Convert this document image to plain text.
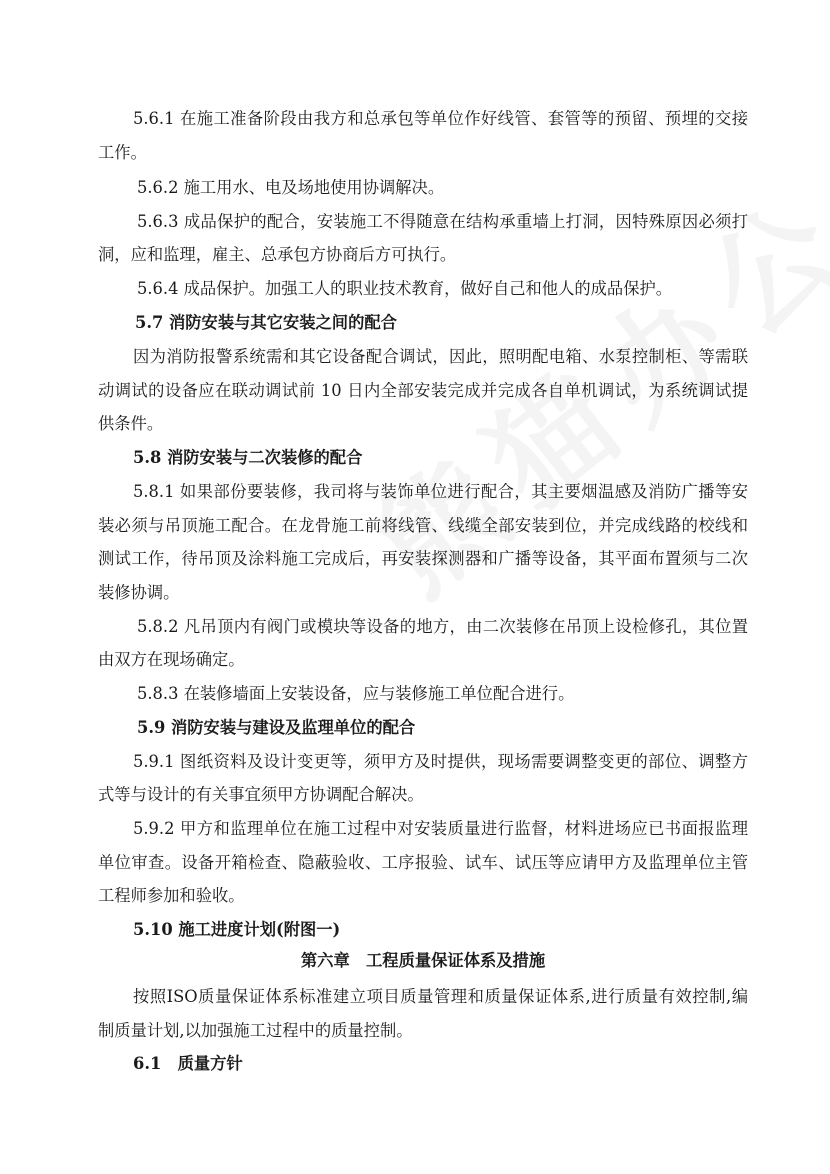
5.6.1 在施工准备阶段由我方和总承包等单位作好线管、套管等的预留、预埋的交接
工作。
5.6.2 施工用水、电及场地使用协调解决。
5.6.3 成品保护的配合，安装施工不得随意在结构承重墙上打洞，因特殊原因必须打
洞，应和监理，雇主、总承包方协商后方可执行。
5.6.4 成品保护。加强工人的职业技术教育，做好自己和他人的成品保护。
5.7 消防安装与其它安装之间的配合
因为消防报警系统需和其它设备配合调试，因此，照明配电箱、水泵控制柜、等需联
动调试的设备应在联动调试前 10 日内全部安装完成并完成各自单机调试，为系统调试提
供条件。
5.8 消防安装与二次装修的配合
5.8.1 如果部份要装修，我司将与装饰单位进行配合，其主要烟温感及消防广播等安
装必须与吊顶施工配合。在龙骨施工前将线管、线缆全部安装到位，并完成线路的校线和
测试工作，待吊顶及涂料施工完成后，再安装探测器和广播等设备，其平面布置须与二次
装修协调。
5.8.2 凡吊顶内有阀门或模块等设备的地方，由二次装修在吊顶上设检修孔，其位置
由双方在现场确定。
5.8.3 在装修墙面上安装设备，应与装修施工单位配合进行。
5.9 消防安装与建设及监理单位的配合
5.9.1 图纸资料及设计变更等，须甲方及时提供，现场需要调整变更的部位、调整方
式等与设计的有关事宜须甲方协调配合解决。
5.9.2 甲方和监理单位在施工过程中对安装质量进行监督，材料进场应已书面报监理
单位审查。设备开箱检查、隐蔽验收、工序报验、试车、试压等应请甲方及监理单位主管
工程师参加和验收。
5.10 施工进度计划(附图一)
第六章　工程质量保证体系及措施
按照ISO质量保证体系标准建立项目质量管理和质量保证体系,进行质量有效控制,编
制质量计划,以加强施工过程中的质量控制。
6.1　质量方针
